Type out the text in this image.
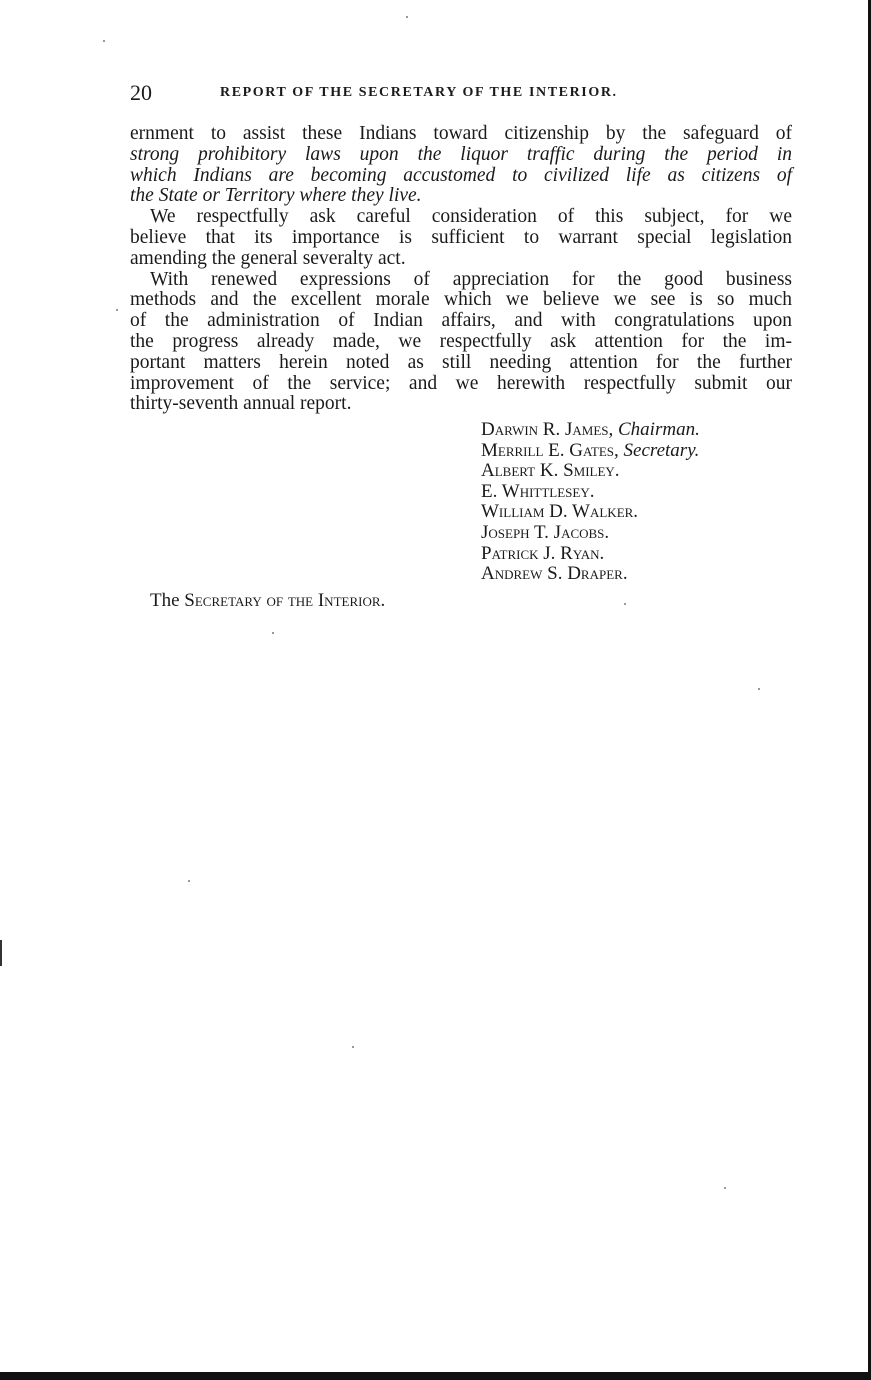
20	REPORT OF THE SECRETARY OF THE INTERIOR.
ernment to assist these Indians toward citizenship by the safeguard of
strong prohibitory laws upon the liquor traffic during the period in
which Indians are becoming accustomed to civilized life as citizens of
the State or Territory where they live.
We respectfully ask careful consideration of this subject, for we
believe that its importance is sufficient to warrant special legislation
amending the general severalty act.
With renewed expressions of appreciation for the good business
methods and the excellent morale which we believe we see is so much
of the administration of Indian affairs, and with congratulations upon
the progress already made, we respectfully ask attention for the im-
portant matters herein noted as still needing attention for the further
improvement of the service; and we herewith respectfully submit our
thirty-seventh annual report.
Darwin R. James, Chairman.
Merrill E. Gates, Secretary.
Albert K. Smiley.
E. Whittlesey.
William D. Walker.
Joseph T. Jacobs.
Patrick J. Ryan.
Andrew S. Draper.
The Secretary of the Interior.
